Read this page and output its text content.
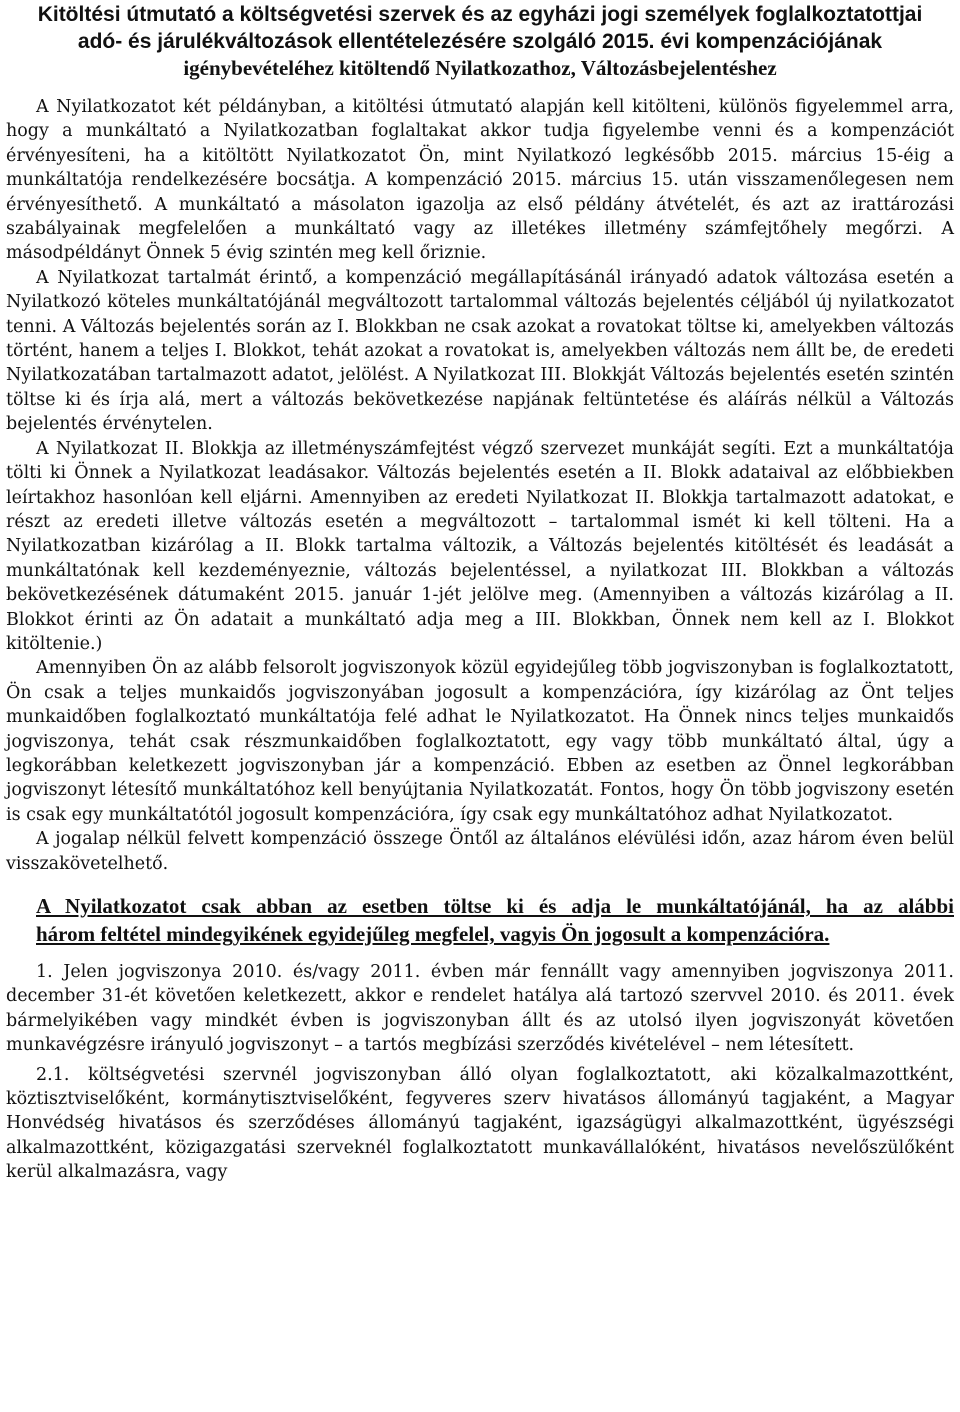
Kitöltési útmutató a költségvetési szervek és az egyházi jogi személyek foglalkoztatottjai
adó- és járulékváltozások ellentételezésére szolgáló 2015. évi kompenzációjának
igénybevételéhez kitöltendő Nyilatkozathoz, Változásbejelentéshez

A Nyilatkozatot két példányban, a kitöltési útmutató alapján kell kitölteni, különös figyelemmel arra, hogy a munkáltató a Nyilatkozatban foglaltakat akkor tudja figyelembe venni és a kompenzációt érvényesíteni, ha a kitöltött Nyilatkozatot Ön, mint Nyilatkozó legkésőbb 2015. március 15-éig a munkáltatója rendelkezésére bocsátja. A kompenzáció 2015. március 15. után visszamenőlegesen nem érvényesíthető. A munkáltató a másolaton igazolja az első példány átvételét, és azt az irattározási szabályainak megfelelően a munkáltató vagy az illetékes illetmény számfejtőhely megőrzi. A másodpéldányt Önnek 5 évig szintén meg kell őriznie.

A Nyilatkozat tartalmát érintő, a kompenzáció megállapításánál irányadó adatok változása esetén a Nyilatkozó köteles munkáltatójánál megváltozott tartalommal változás bejelentés céljából új nyilatkozatot tenni. A Változás bejelentés során az I. Blokkban ne csak azokat a rovatokat töltse ki, amelyekben változás történt, hanem a teljes I. Blokkot, tehát azokat a rovatokat is, amelyekben változás nem állt be, de eredeti Nyilatkozatában tartalmazott adatot, jelölést. A Nyilatkozat III. Blokkját Változás bejelentés esetén szintén töltse ki és írja alá, mert a változás bekövetkezése napjának feltüntetése és aláírás nélkül a Változás bejelentés érvénytelen.

A Nyilatkozat II. Blokkja az illetményszámfejtést végző szervezet munkáját segíti. Ezt a munkáltatója tölti ki Önnek a Nyilatkozat leadásakor. Változás bejelentés esetén a II. Blokk adataival az előbbiekben leírtakhoz hasonlóan kell eljárni. Amennyiben az eredeti Nyilatkozat II. Blokkja tartalmazott adatokat, e részt az eredeti illetve változás esetén a megváltozott – tartalommal ismét ki kell tölteni. Ha a Nyilatkozatban kizárólag a II. Blokk tartalma változik, a Változás bejelentés kitöltését és leadását a munkáltatónak kell kezdeményeznie, változás bejelentéssel, a nyilatkozat III. Blokkban a változás bekövetkezésének dátumaként 2015. január 1-jét jelölve meg. (Amennyiben a változás kizárólag a II. Blokkot érinti az Ön adatait a munkáltató adja meg a III. Blokkban, Önnek nem kell az I. Blokkot kitöltenie.)

Amennyiben Ön az alább felsorolt jogviszonyok közül egyidejűleg több jogviszonyban is foglalkoztatott, Ön csak a teljes munkaidős jogviszonyában jogosult a kompenzációra, így kizárólag az Önt teljes munkaidőben foglalkoztató munkáltatója felé adhat le Nyilatkozatot. Ha Önnek nincs teljes munkaidős jogviszonya, tehát csak részmunkaidőben foglalkoztatott, egy vagy több munkáltató által, úgy a legkorábban keletkezett jogviszonyban jár a kompenzáció. Ebben az esetben az Önnel legkorábban jogviszonyt létesítő munkáltatóhoz kell benyújtania Nyilatkozatát. Fontos, hogy Ön több jogviszony esetén is csak egy munkáltatótól jogosult kompenzációra, így csak egy munkáltatóhoz adhat Nyilatkozatot.

A jogalap nélkül felvett kompenzáció összege Öntől az általános elévülési időn, azaz három éven belül visszakövetelhető.

A Nyilatkozatot csak abban az esetben töltse ki és adja le munkáltatójánál, ha az alábbi
három feltétel mindegyikének egyidejűleg megfelel, vagyis Ön jogosult a kompenzációra.

1. Jelen jogviszonya 2010. és/vagy 2011. évben már fennállt vagy amennyiben jogviszonya 2011. december 31-ét követően keletkezett, akkor e rendelet hatálya alá tartozó szervvel 2010. és 2011. évek bármelyikében vagy mindkét évben is jogviszonyban állt és az utolsó ilyen jogviszonyát követően munkavégzésre irányuló jogviszonyt – a tartós megbízási szerződés kivételével – nem létesített.

2.1. költségvetési szervnél jogviszonyban álló olyan foglalkoztatott, aki közalkalmazottként, köztisztviselőként, kormánytisztviselőként, fegyveres szerv hivatásos állományú tagjaként, a Magyar Honvédség hivatásos és szerződéses állományú tagjaként, igazságügyi alkalmazottként, ügyészségi alkalmazottként, közigazgatási szerveknél foglalkoztatott munkavállalóként, hivatásos nevelőszülőként kerül alkalmazásra, vagy
